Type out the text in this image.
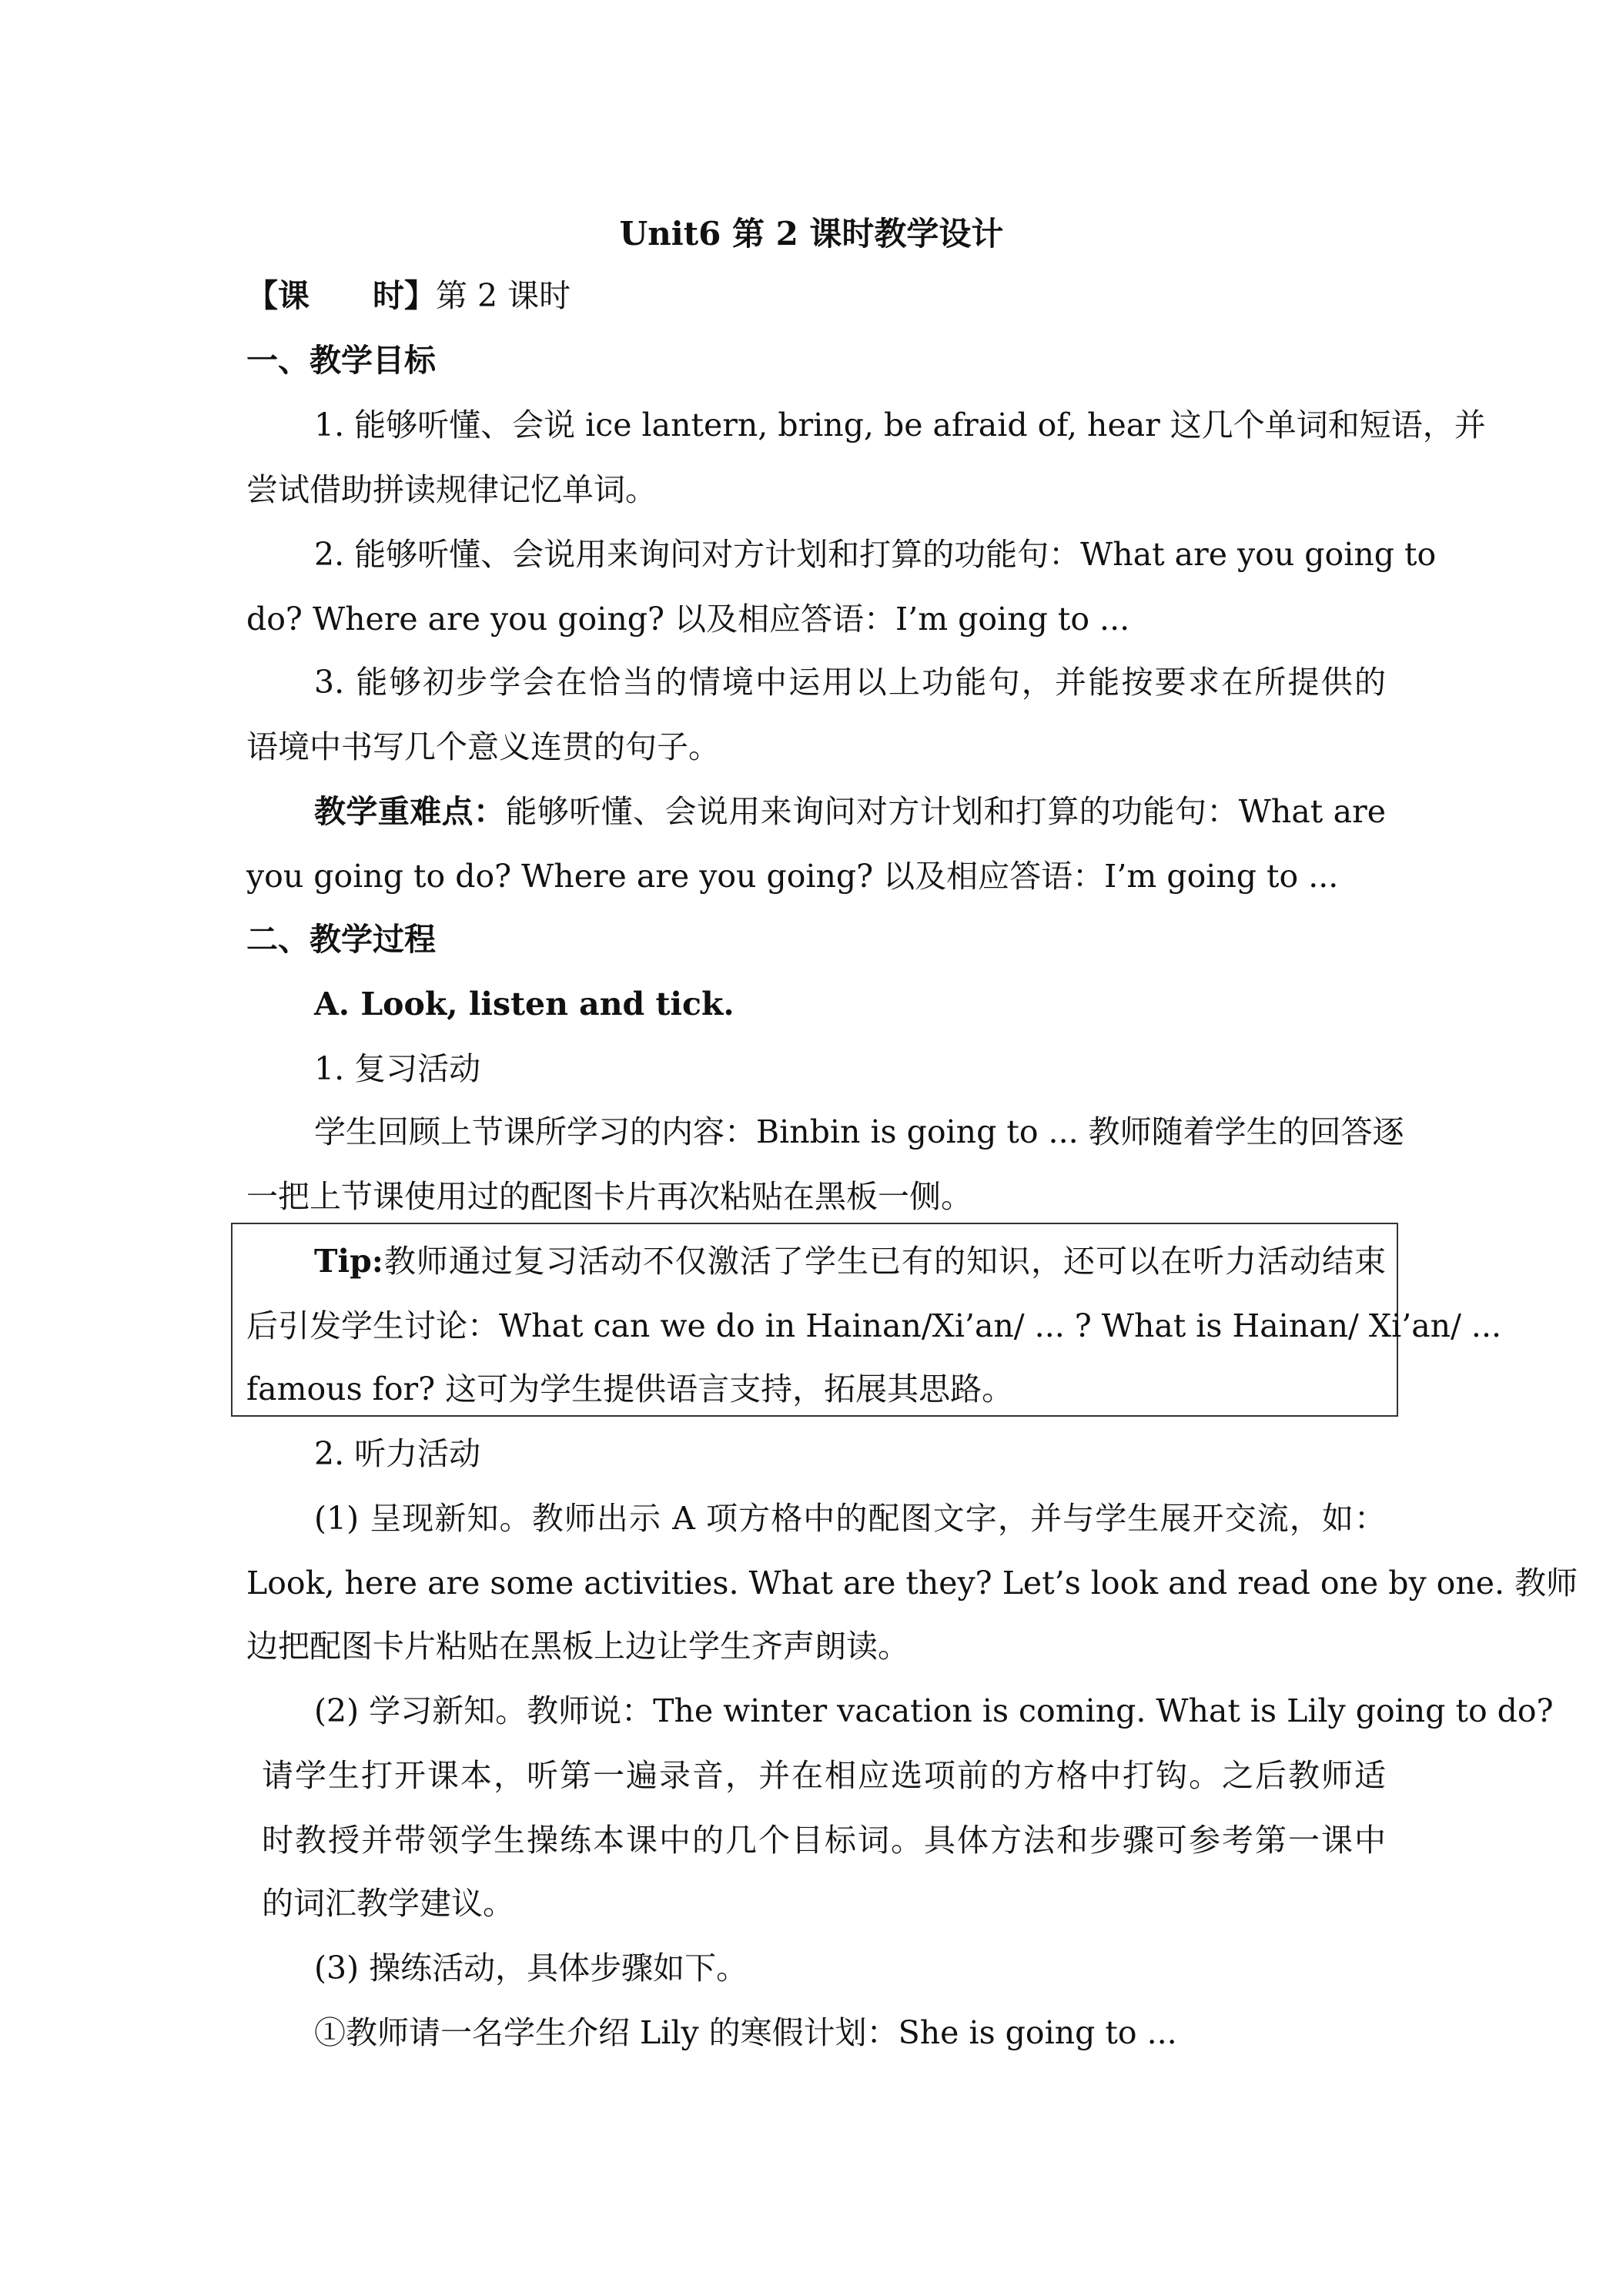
Unit6 第 2 课时教学设计
【课　　时】第 2 课时
一、教学目标
1. 能够听懂、会说 ice lantern, bring, be afraid of, hear 这几个单词和短语，并
尝试借助拼读规律记忆单词。
2. 能够听懂、会说用来询问对方计划和打算的功能句：What are you going to
do? Where are you going? 以及相应答语：I’m going to ...
3. 能够初步学会在恰当的情境中运用以上功能句，并能按要求在所提供的
语境中书写几个意义连贯的句子。
教学重难点：能够听懂、会说用来询问对方计划和打算的功能句：What are
you going to do? Where are you going? 以及相应答语：I’m going to ...
二、教学过程
A. Look, listen and tick.
1. 复习活动
学生回顾上节课所学习的内容：Binbin is going to ... 教师随着学生的回答逐
一把上节课使用过的配图卡片再次粘贴在黑板一侧。
Tip:教师通过复习活动不仅激活了学生已有的知识，还可以在听力活动结束
后引发学生讨论：What can we do in Hainan/Xi’an/ ... ? What is Hainan/ Xi’an/ ...
famous for? 这可为学生提供语言支持，拓展其思路。
2. 听力活动
(1) 呈现新知。教师出示 A 项方格中的配图文字，并与学生展开交流，如：
Look, here are some activities. What are they? Let’s look and read one by one. 教师
边把配图卡片粘贴在黑板上边让学生齐声朗读。
(2) 学习新知。教师说：The winter vacation is coming. What is Lily going to do?
请学生打开课本，听第一遍录音，并在相应选项前的方格中打钩。之后教师适
时教授并带领学生操练本课中的几个目标词。具体方法和步骤可参考第一课中
的词汇教学建议。
(3) 操练活动，具体步骤如下。
①教师请一名学生介绍 Lily 的寒假计划：She is going to ...
